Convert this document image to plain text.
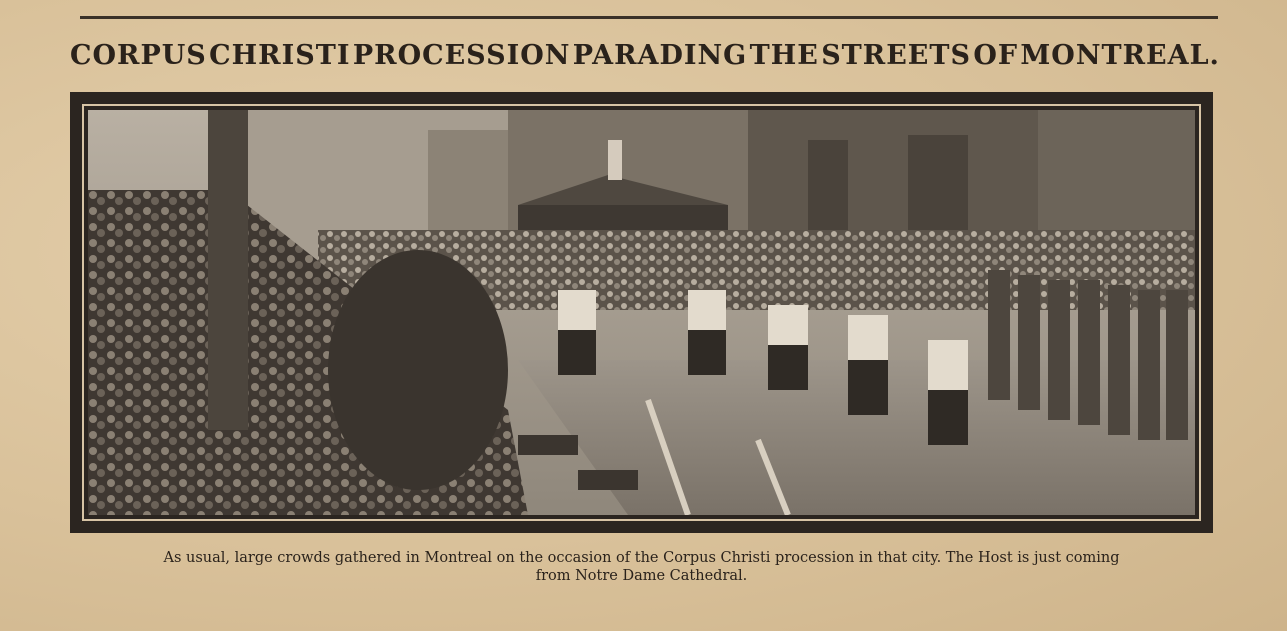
CORPUS CHRISTI PROCESSION PARADING THE STREETS OF MONTREAL.
As usual, large crowds gathered in Montreal on the occasion of the Corpus Christi procession in that city. The Host is just coming
from Notre Dame Cathedral.
